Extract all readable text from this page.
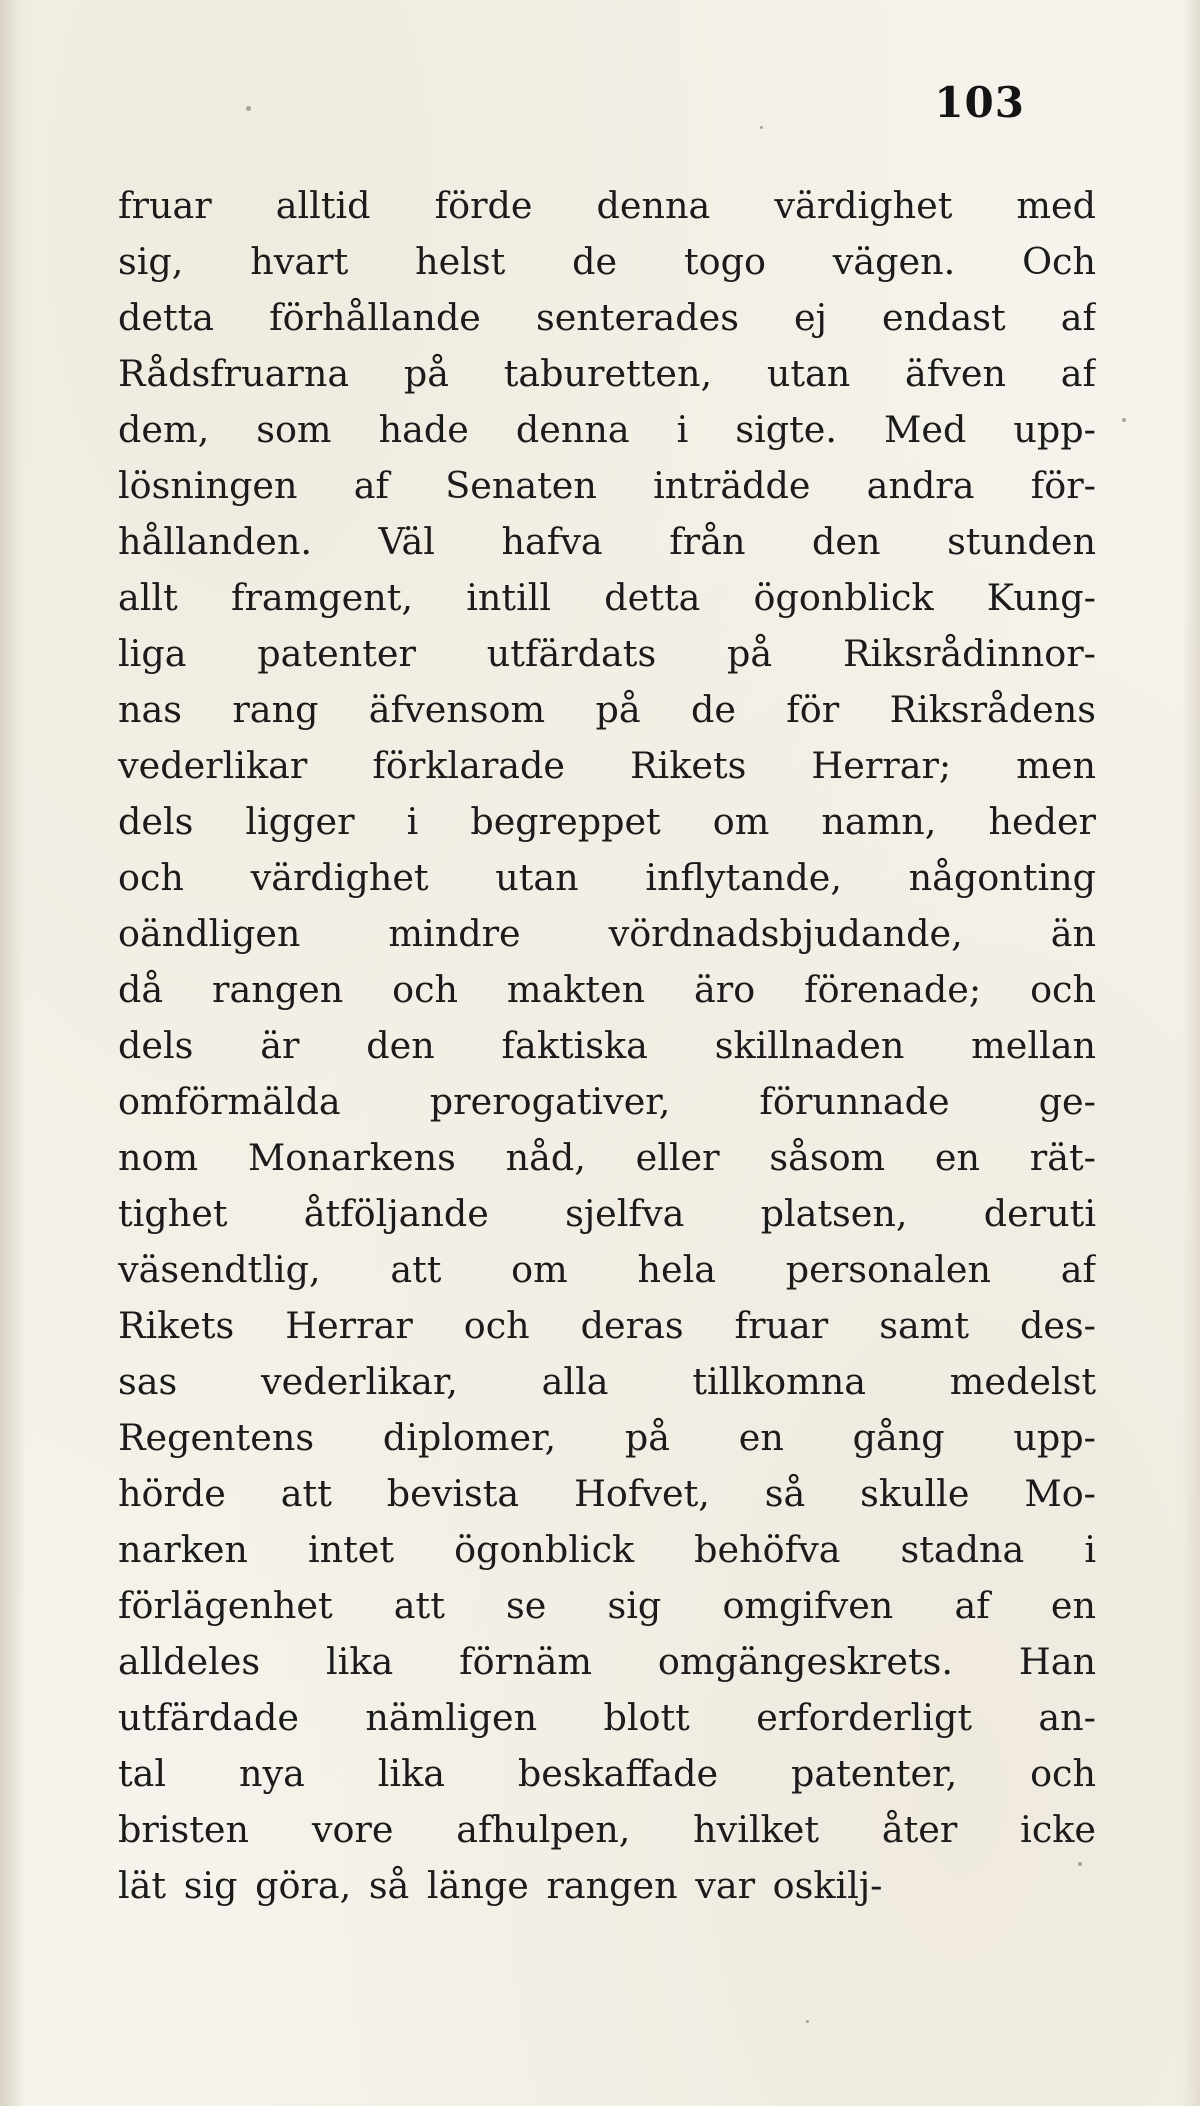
103
fruar alltid förde denna värdighet med
sig, hvart helst de togo vägen. Och
detta förhållande senterades ej endast af
Rådsfruarna på taburetten, utan äfven af
dem, som hade denna i sigte. Med upp-
lösningen af Senaten inträdde andra för-
hållanden. Väl hafva från den stunden
allt framgent, intill detta ögonblick Kung-
liga patenter utfärdats på Riksrådinnor-
nas rang äfvensom på de för Riksrådens
vederlikar förklarade Rikets Herrar; men
dels ligger i begreppet om namn, heder
och värdighet utan inflytande, någonting
oändligen mindre vördnadsbjudande, än
då rangen och makten äro förenade; och
dels är den faktiska skillnaden mellan
omförmälda prerogativer, förunnade ge-
nom Monarkens nåd, eller såsom en rät-
tighet åtföljande sjelfva platsen, deruti
väsendtlig, att om hela personalen af
Rikets Herrar och deras fruar samt des-
sas vederlikar, alla tillkomna medelst
Regentens diplomer, på en gång upp-
hörde att bevista Hofvet, så skulle Mo-
narken intet ögonblick behöfva stadna i
förlägenhet att se sig omgifven af en
alldeles lika förnäm omgängeskrets. Han
utfärdade nämligen blott erforderligt an-
tal nya lika beskaffade patenter, och
bristen vore afhulpen, hvilket åter icke
lät sig göra, så länge rangen var oskilj-
